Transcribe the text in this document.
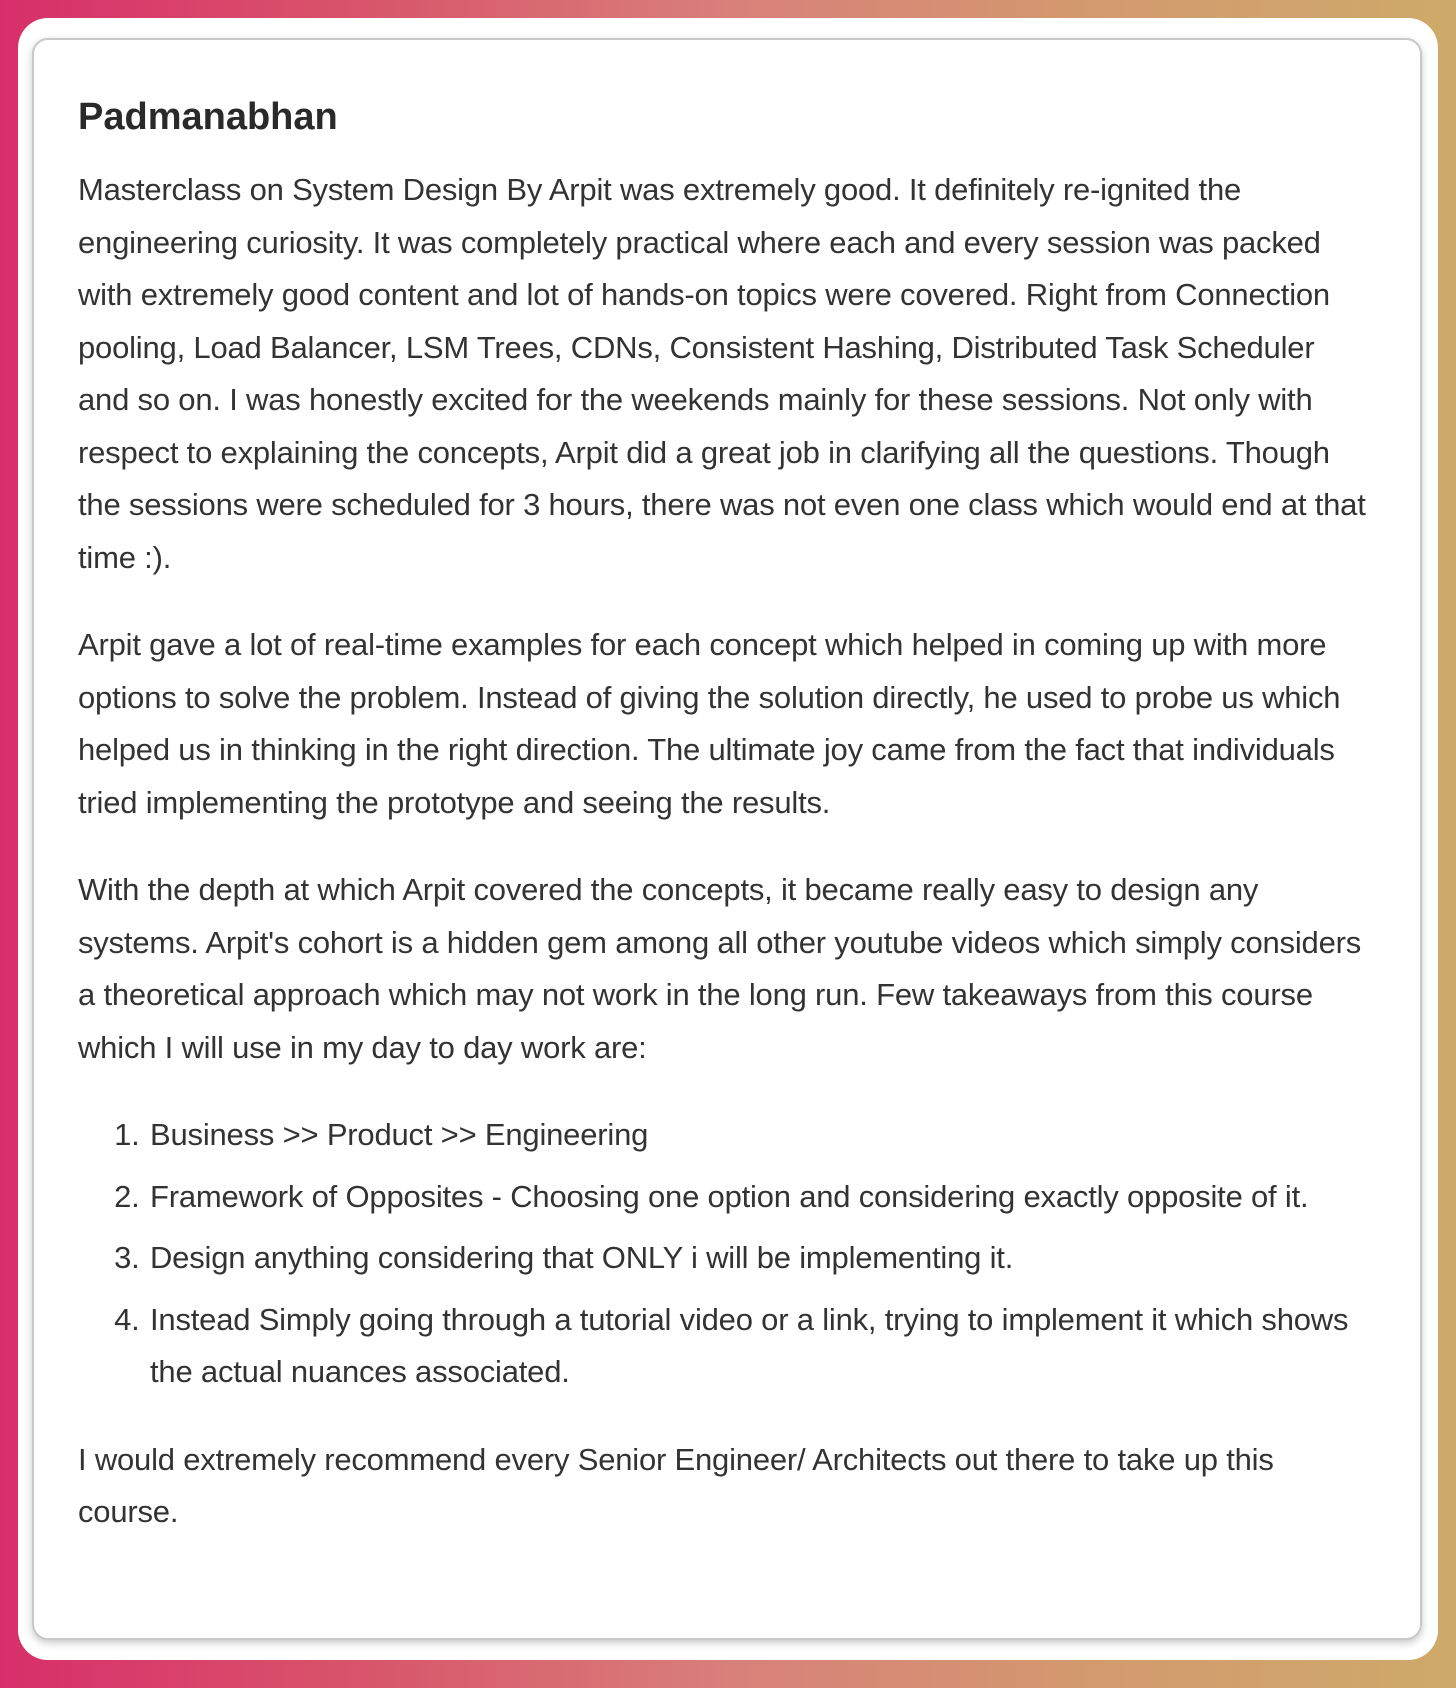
Padmanabhan

Masterclass on System Design By Arpit was extremely good. It definitely re-ignited the engineering curiosity. It was completely practical where each and every session was packed with extremely good content and lot of hands-on topics were covered. Right from Connection pooling, Load Balancer, LSM Trees, CDNs, Consistent Hashing, Distributed Task Scheduler and so on. I was honestly excited for the weekends mainly for these sessions. Not only with respect to explaining the concepts, Arpit did a great job in clarifying all the questions. Though the sessions were scheduled for 3 hours, there was not even one class which would end at that time :).

Arpit gave a lot of real-time examples for each concept which helped in coming up with more options to solve the problem. Instead of giving the solution directly, he used to probe us which helped us in thinking in the right direction. The ultimate joy came from the fact that individuals tried implementing the prototype and seeing the results.

With the depth at which Arpit covered the concepts, it became really easy to design any systems. Arpit's cohort is a hidden gem among all other youtube videos which simply considers a theoretical approach which may not work in the long run. Few takeaways from this course which I will use in my day to day work are:

1. Business >> Product >> Engineering
2. Framework of Opposites - Choosing one option and considering exactly opposite of it.
3. Design anything considering that ONLY i will be implementing it.
4. Instead Simply going through a tutorial video or a link, trying to implement it which shows the actual nuances associated.

I would extremely recommend every Senior Engineer/ Architects out there to take up this course.
